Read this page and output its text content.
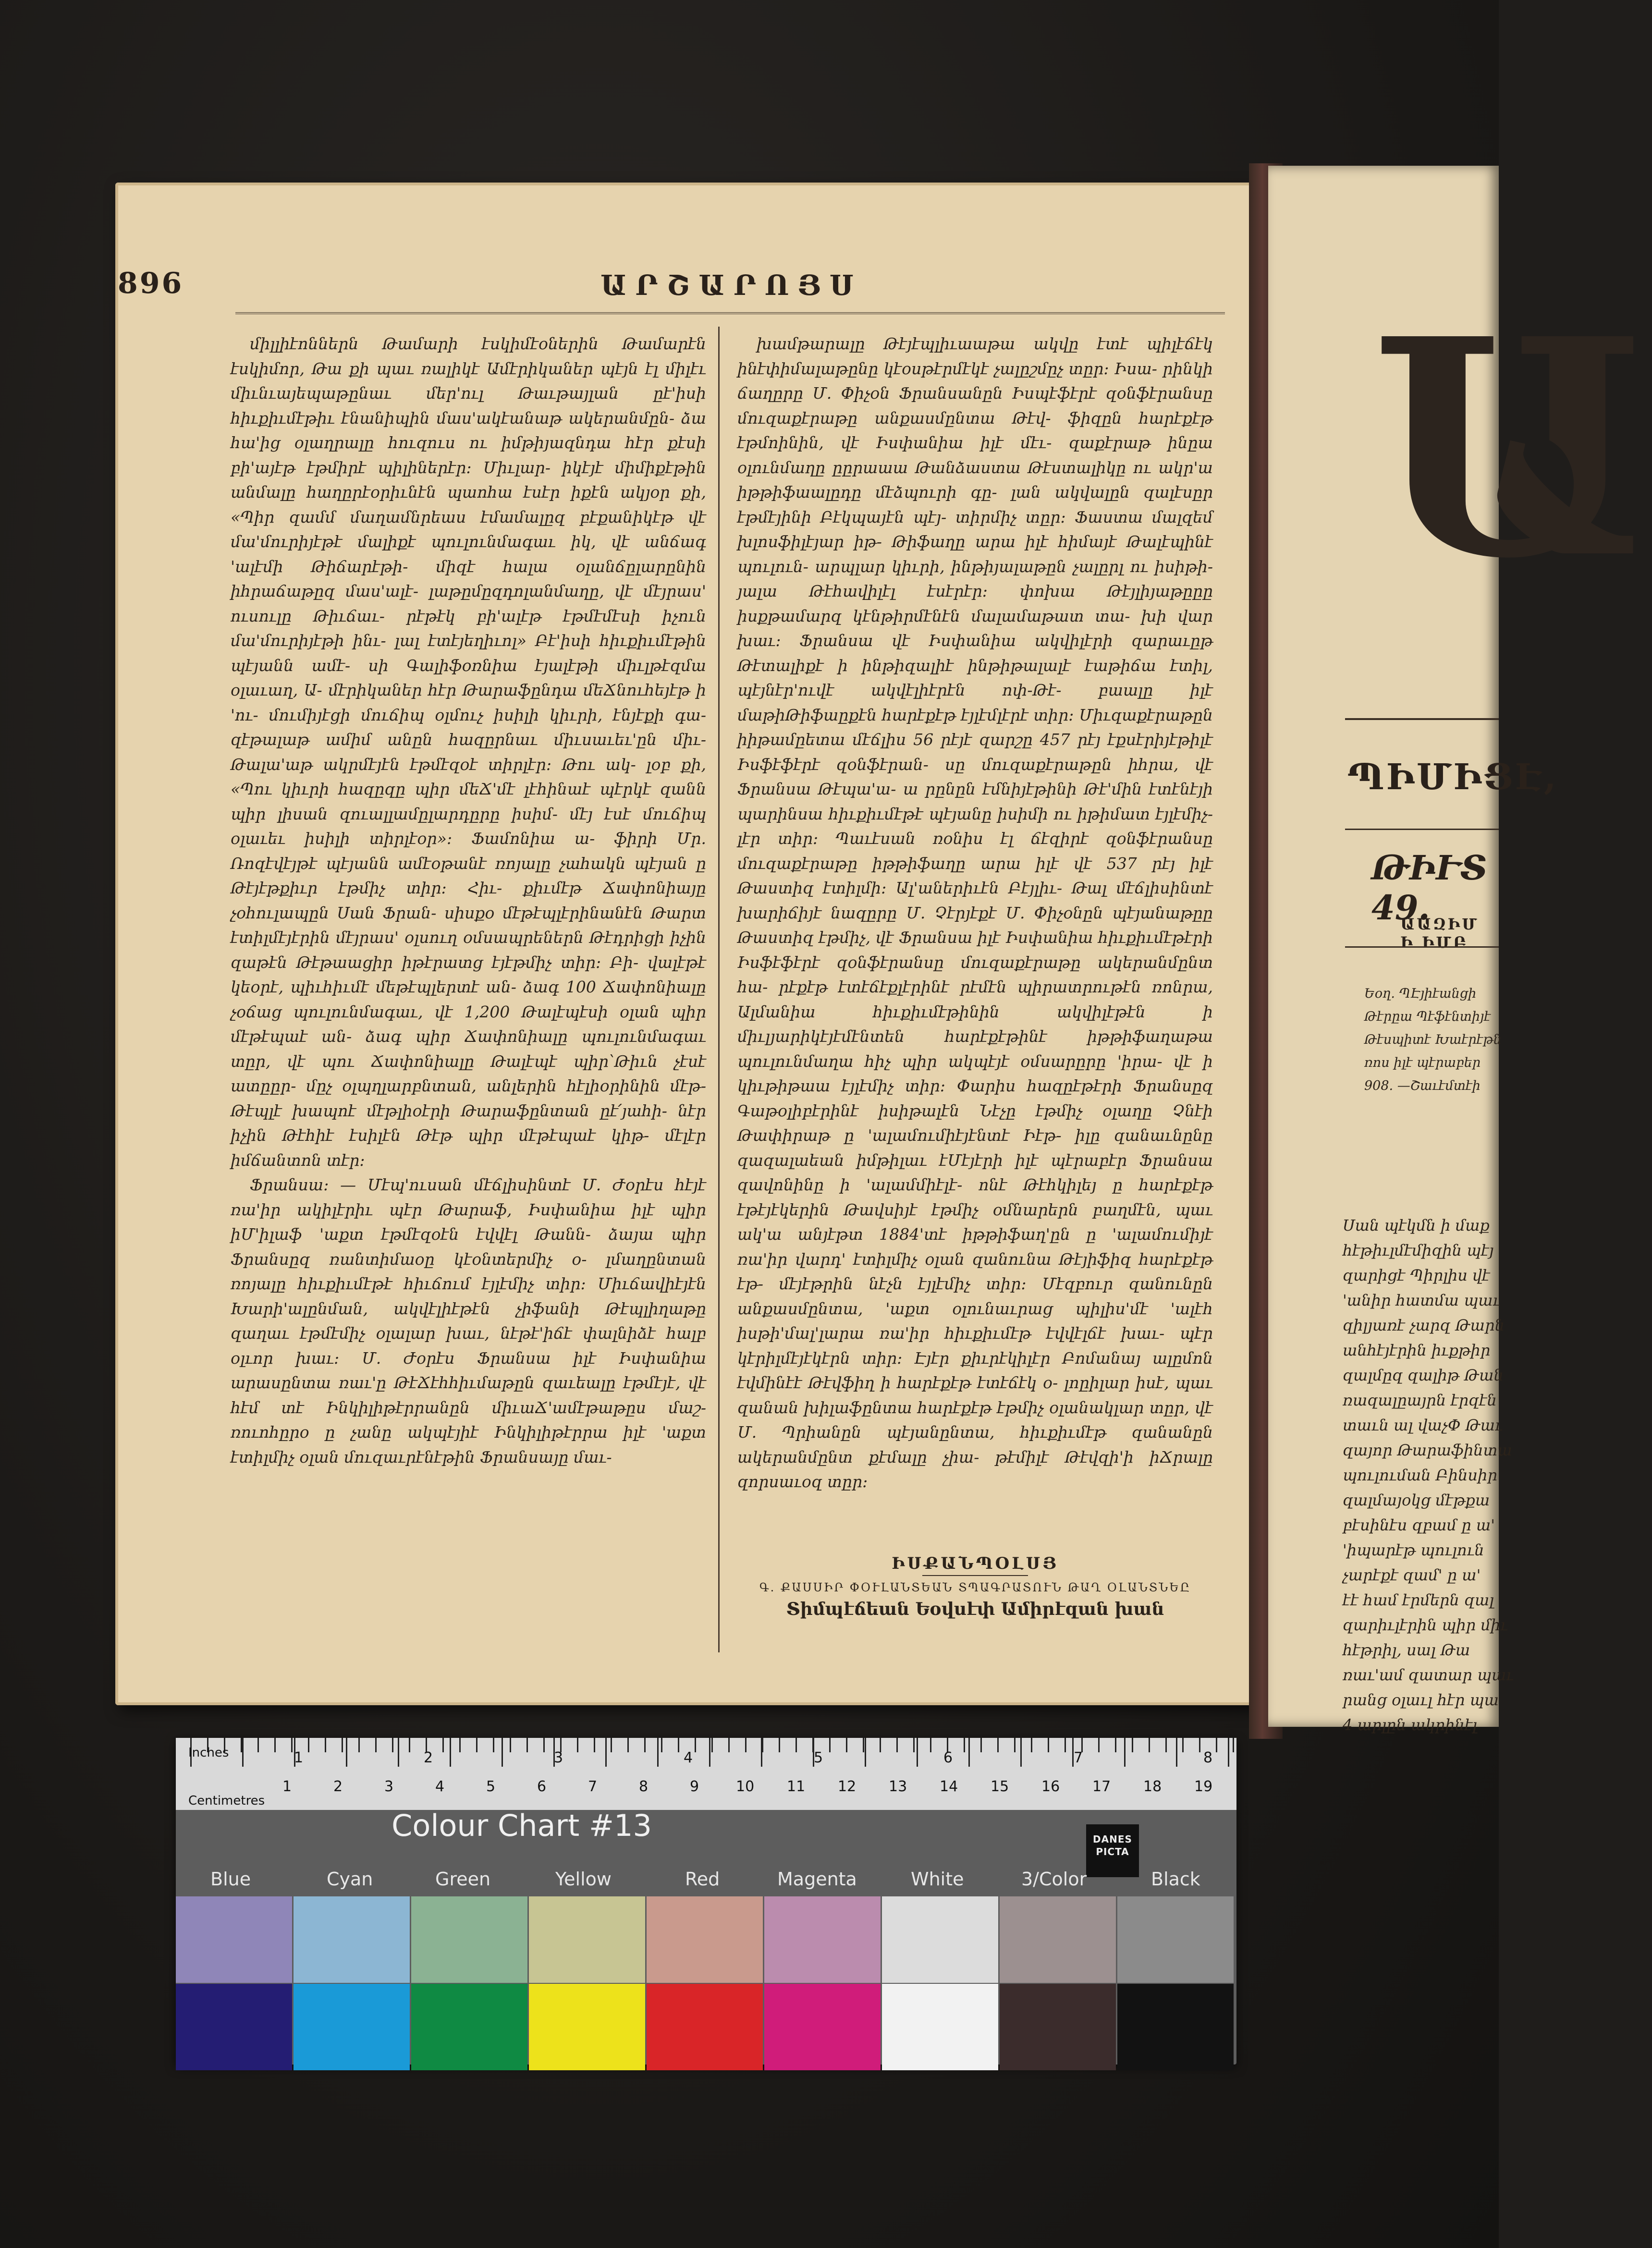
896	ԱՐՇԱՐՈՅՍ

միլլիէոններն Թամարի էսկիմէօներին Թամարէն էսկիմոր, Թա քի պաւ ռալիկէ Ամէրիկաներ պէյն էլ միլէւ միւնւայեպաթընաւ մեր'ուլ Թաւթայլան ըէ'իսի հիւքիւմէթիւ էնանիպին մաս'ակէանաթ ակերանմըն- ձա հա'ից օլաղրալը հուզուս ու իմթիյազնդա հէր քէսի բի'այէթ էթմիրէ պիլիներէր։ Միւլար- իկէյէ միմիքէթին անմալը հաղըրէօրիւնէն պաոհա էսէր իքէն ակյօր քի, «Պիր զամմ մաղամնրեաս էմամալըզ բէքանիկէթ վէ մա'մուրիյէթէ մալիքէ պուլունմագաւ իկ, վէ անճագ 'ալէմի Թիճարէթի- միզէ հալա օլանճըլարընին իհրաճաթըզ մաս'ալէ- լաթըմըզդոլանմաղը, վէ մէյրաս' ուսուլը Թիւճաւ- րէթէկ բի'ալէթ էթմէմէսի իչուն մա'մուրիյէթի ինւ- լալ էտէյեղիւոլ» Բէ'իսի հիւքիւմէթին պէյանն ամէ- սի Գալիֆօռնիա էյալէթի միւլթէզմա օլաւաղ, Ա- մէրիկաներ հէր Թարաֆընդա մեՃնուհեյէթ ի 'ու- մումիյէցի մուճիպ օլմուչ իսիլի կիւրի, էնյէքի գա- զէթալաթ ամիմ անըն հազըրնաւ միւսաւեւ'ըն միւ- Թալա'աթ ակրմէյէն էթմէզօէ տիրլէր։ Թու ակ- լօբ քի, «Պու կիւրի հազըզը պիր մեՃ'մէ լէհինաէ պէրկէ զանն պիր լիսան զուալլամըլարդըրը իսիմ- մէյ էսէ մուճիպ օլաւեւ իսիլի տիրլէօր»։ Ֆամոնիա ա- ֆիրի Մր. Ռոզէվէյթէ պէյանն ամէօթանէ ռոյալը չահակն պէյան ը Թէյէթքիւր էթմիչ տիր։ Հիւ- քիւմէթ Ճափոնիայը չօհուլապըն Սան Ֆրան- սիսքօ մէթէպլէրինանէն Թարտ էտիլմէյէրին մէյրաս' օլսուղ օմսապրեներն Թէդրիցի իչին զաթէն Թէթաացիր իթէրատց էյէթմիչ տիր։ Բի- վալէթէ կեօրէ, պիւհիւմէ մեթէպլերտէ ան- ձագ 100 Ճափոնիալը չօճաց պուլունմագաւ, վէ 1,200 Թալէպէսի օլան պիր մէթէպաէ ան- ձագ պիր Ճափոնիալը պուլունմագաւ տըր, վէ պու Ճափոնիալը Թալէպէ պիր՝Թիւն չէսէ ատըըր- մըչ օլպղլարբնտան, անլերին հէլիօրինին մէթ- Թէպլէ խապոէ մէթլիօէրի Թարաֆընտան ըէ՛յահի- նէր իչին Թէհիէ էսիլէն Թէթ պիր մէթէպաէ կիթ- մէլէր իմճանտոն տէր։

Ֆրանսա։ — Մէպ'ուսան մէճլիսինտէ Մ. Ժօրէս հէյէ ռա'իր ակիլէրիւ պէր Թարաֆ, Իսփանիա իլէ պիր իՄ'իլաֆ 'աքտ էթմէզօէն էվվէլ Թանն- ձայա պիր Ֆրանսըզ ռանտիմաօը կէօնտերմիչ օ- լմաղընտան ռոյալը հիւքիւմէթէ հիւճում էյլէմիչ տիր։ Միւճավիէյէն Խարի'ալընման, ակվէլիէթէն չիֆանի Թէպլիղաթը զաղաւ էթմէմիչ օլալար խաւ, նէթէ'իճէ փալնիձէ հալբ օլւոր խաւ։ Մ. Ժօրէս Ֆրանսա իլէ Իսփանիա արասընտա ռաւ'ը ԹէՃէհհիւմաթըն զաւեալը էթմէյէ, վէ հէմ տէ Ինկիլիթէրրանըն միւաՃ'ամէթաթըս մաշ- ռուոհըրօ ը չանը ակպէյիէ Ինկիլիթէրրա իլէ 'աքտ էտիլմիչ օլան մուզաւրէնէթին Ֆրանսայը մաւ-

խամթարալը Թէյէպլիւաաթա ակվը էտէ պիլէճէկ ինէփիմալաթընը կէօսթէրմէկէ չալըշմըչ տըր։ Իսա- րինկի ճաղըրը Մ. Փիչօն Ֆրանսանըն Իսպէֆէրէ զօնֆէրանսը մուզաքէրաթը անքասմընտա Թէվ- ֆիզըն հարէքէթ էթմոինին, վէ Իսփանիա իլէ մէւ- զաքէրաթ ինըա օլունմաղը ըըրաաա Թանձաստա Թէստալիկը ու ակր'ա իթթիֆաալըդը մէձպուրի գը- լան ակվալըն զալէսըր էթմէյինի Բէկպայէն պէյ- տիրմիչ տըր։ Ֆաստա մալզեմ խլոսֆիլէյար իթ- Թիֆաղը արա իլէ հիմայէ Թալէպինէ պուլուն- արպլար կիւրի, ինթիյալաթըն չալըրլ ու իսիթի- յալա Թէհավիլէլ էսէրէր։ փոխա Թէյլիյաթըըը իսքթամարզ կէնթիրմէնէն մալամաթատ տա- խի վար խաւ։ Ֆրանսա վէ Իսփանիա ակվիլէրի զարաւըթ Թէտալիքէ ի ինթիզալիէ ինթիթալալէ էաթիճա էտիլ, պէյնէր'ուվէ ակվէլիէրէն ոփ-Թէ- բաալը իլէ մաթիԹիֆաըքէն հարէքէթ էյլէմլէրէ տիր։ Միւզաքէրաթըն իիթամըետա մէճլիս 56 րէյէ զարշը 457 րէյ էքսէրիյէթիլէ Իսֆէֆէրէ զօնֆէրան- սը մուզաքէրաթըն իհրա, վէ Ֆրանսա Թէպա'ա- ա րընըն էմնիյէթինի Թէ'մին էտէնէյի պարինսա հիւքիւմէթէ պէյանը իսիմի ու իթիմատ էյլէմիչ- լէր տիր։ Պաւէսան ռօնիս էլ ճէզիրէ զօնֆէրանսը մուզաքէրաթը իթթիֆաղը արա իլէ վէ 537 րէյ իլէ Թաստիզ էտիլմի։ Ալ'աներիւէն Բէյլիւ- Թալ մէճլիսինտէ խարիճիյէ նազըրը Մ. Չէրյէքէ Մ. Փիչօնըն պէյանաթըը Թաստիզ էթմիչ, վէ Ֆրանսա իլէ Իսփանիա հիւքիւմէթէրի Իսֆէֆէրէ զօնֆէրանսը մուզաքէրաթը ակերանմընտ հա- րէքէթ էտէճէքլէրինէ րէմէն պիրատրութէն ռոնրա, Ալմանիա հիւքիւմէթինին ակվիլէթէն ի միւլյարիկէյէմէնտեն հարէքէթինէ իթթիֆաղաթա պուլունմաղա հիչ պիր ակպէյէ օմսարըրը 'իրա- վէ ի կիւթիթաա էյլէմիչ տիր։ Փարիս հազըէթէրի Ֆրանսըզ Գաթօլիբէրինէ իսիթալէն Նէչը էթմիչ օլաղը Չնէի Թափիրաթ ը 'ալամումիէյէնտէ Իէթ- իլը զանաւնընը զազալաեան իմթիլաւ էՄէյէրի իլէ պէրաբէր Ֆրանսա զավոնինը ի 'ալամմիէլէ- ոնէ Թէհկիլեյ ը հարէքէթ էթէյէկերին Թավսիյէ էթմիչ օմնարերն բաղմէն, պաւ ակ'ա անյէթտ 1884'տէ իթթիֆաղ'ըն ը 'ալամումիյէ ռա'իր վարդ' էտիլմիչ օլան զանունա Թէյիֆիզ հարէքէթ էթ- մէյէթրին նէչն էյլէմիչ տիր։ Մէզբուր զանունըն անքասմընտա, 'աքտ օլունաւրաց պիլիս'մէ 'ալէհ իսթի'մալ'լարա ռա'իր հիւքիւմէթ էվվէլճէ խաւ- պէր կէրիլմէյէկէրն տիր։ Էյէր քիւրէկիլէր Բոմանայ ալըմոն էվմինէէ Թէվֆիղ ի հարէքէթ էտէճէկ օ- լոըիլար իսէ, պաւ զանան խիլաֆընտա հարէքէթ էթմիչ օլանակլար տըր, վէ Մ. Պրիանըն պէյանընտա, հիւքիւմէթ զանանըն ակերանմընտ քէմալը չիա- թէմիլէ Թէվզի'ի իՃրալը զորսաւօզ տըր։

ԻՍՔԱՆՊՕԼՍՅ
Գ. ՔԱՍՍԻՐ ՓՕՒԼԱՆՏԵԱՆ ՏՊԱԳՐԱՏՈՒՆ ԹԱՂ ՕԼԱՆՏՆԵԸ
Տիմպէճեան Եօվսէփ Ամիրէզան խան
Ա
ՊԻՄԻՑԷ,
ԹԻՒՏ 49.
ԱԱԶԻՄ Ի ԻՄԲ
Եօղ. ՊԷյիէանցի
Թէրըա Պէֆէնտիյէ
Թէսպիտէ Խաէրէթն
ռոս իլէ պէրաբեր
908. —Շաւէմտէի
Սան պէկմն ի մաք
հէթիւլմէմիզին պէյ
զարիցէ Պիրլիս վէ
'անիր հատմա պաւ
զիլյառէ չարզ Թարն
անհէյէրին իւքթիր
զալմըզ զալիթ Թան
ռազալըայրն էրզէն
տաւն ալ վաչՓ Թաւ
զայոր Թարաֆինտա
պուլուման Բինսիր
զալմայօկց մէթքա
բէսինէս զբամ ը ա'
'իպարէթ պուլուն
չարէքէ զամ' ը ա'
էէ համ էրմերն զալ
զարիւլէրին պիր միւ
հէթրիլ, սալ Թա
ռաւ'ամ զատար պաւ
րանց օլաւլ հէր պա
4 արլըն ակրինէլ
Inches
Centimetres
1	2	3	4	5	6	7	8
1	2	3	4	5	6	7	8	9	10 11 12 13 14 15 16 17 18 19
Colour Chart #13	DANES PICTA
Blue	Cyan	Green	Yellow	Red	Magenta	White	3/Color	Black
